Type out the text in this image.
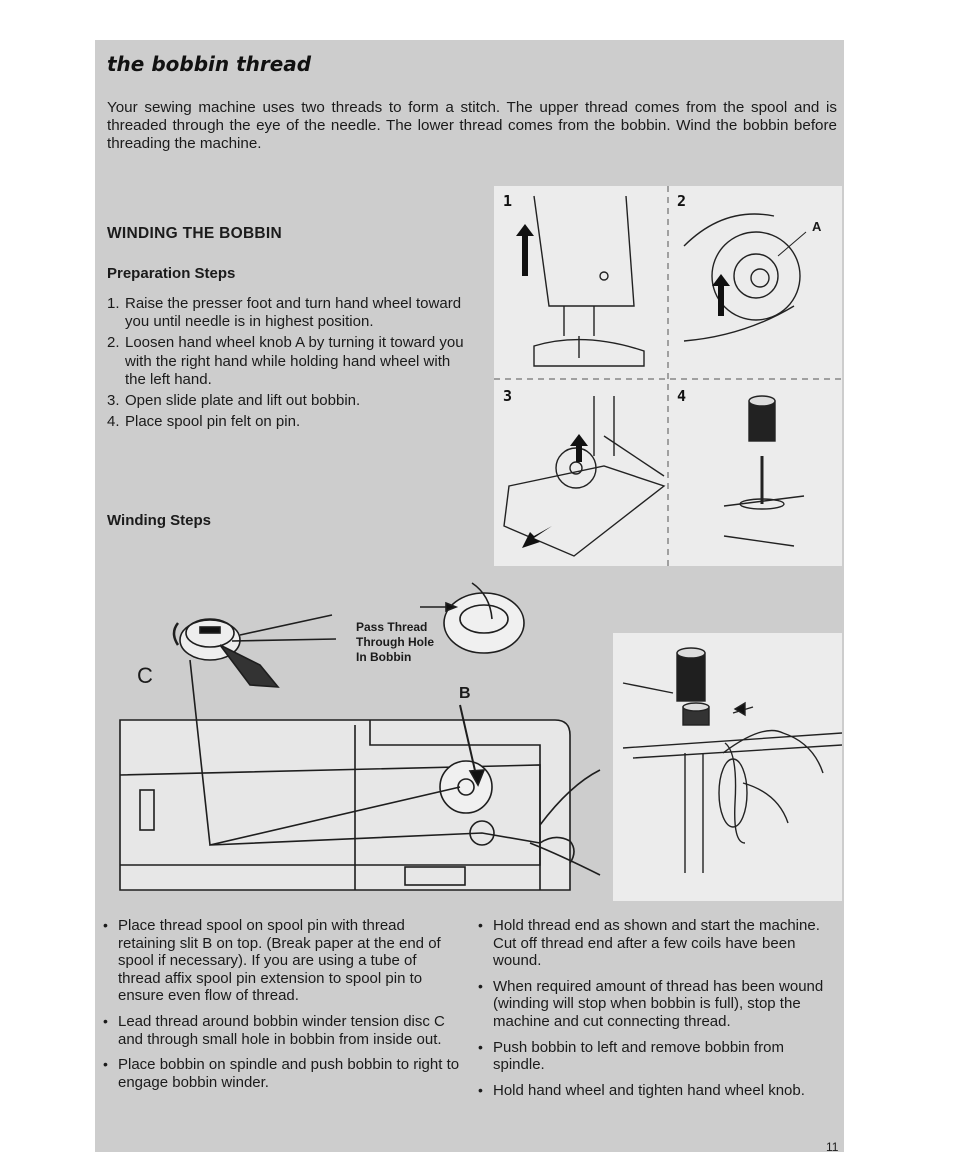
the bobbin thread

Your sewing machine uses two threads to form a stitch. The upper thread comes from the spool and is threaded through the eye of the needle. The lower thread comes from the bobbin. Wind the bobbin before threading the machine.

WINDING THE BOBBIN
Preparation Steps
1. Raise the presser foot and turn hand wheel toward you until needle is in highest position.
2. Loosen hand wheel knob A by turning it toward you with the right hand while holding hand wheel with the left hand.
3. Open slide plate and lift out bobbin.
4. Place spool pin felt on pin.
Winding Steps
1	2
3	4
A
C
B

Pass Thread
Through Hole
In Bobbin

• Place thread spool on spool pin with thread retaining slit B on top. (Break paper at the end of spool if necessary). If you are using a tube of thread affix spool pin extension to spool pin to ensure even flow of thread.
• Lead thread around bobbin winder tension disc C and through small hole in bobbin from inside out.
• Place bobbin on spindle and push bobbin to right to engage bobbin winder.
• Hold thread end as shown and start the machine. Cut off thread end after a few coils have been wound.
• When required amount of thread has been wound (winding will stop when bobbin is full), stop the machine and cut connecting thread.
• Push bobbin to left and remove bobbin from spindle.
• Hold hand wheel and tighten hand wheel knob.
11
